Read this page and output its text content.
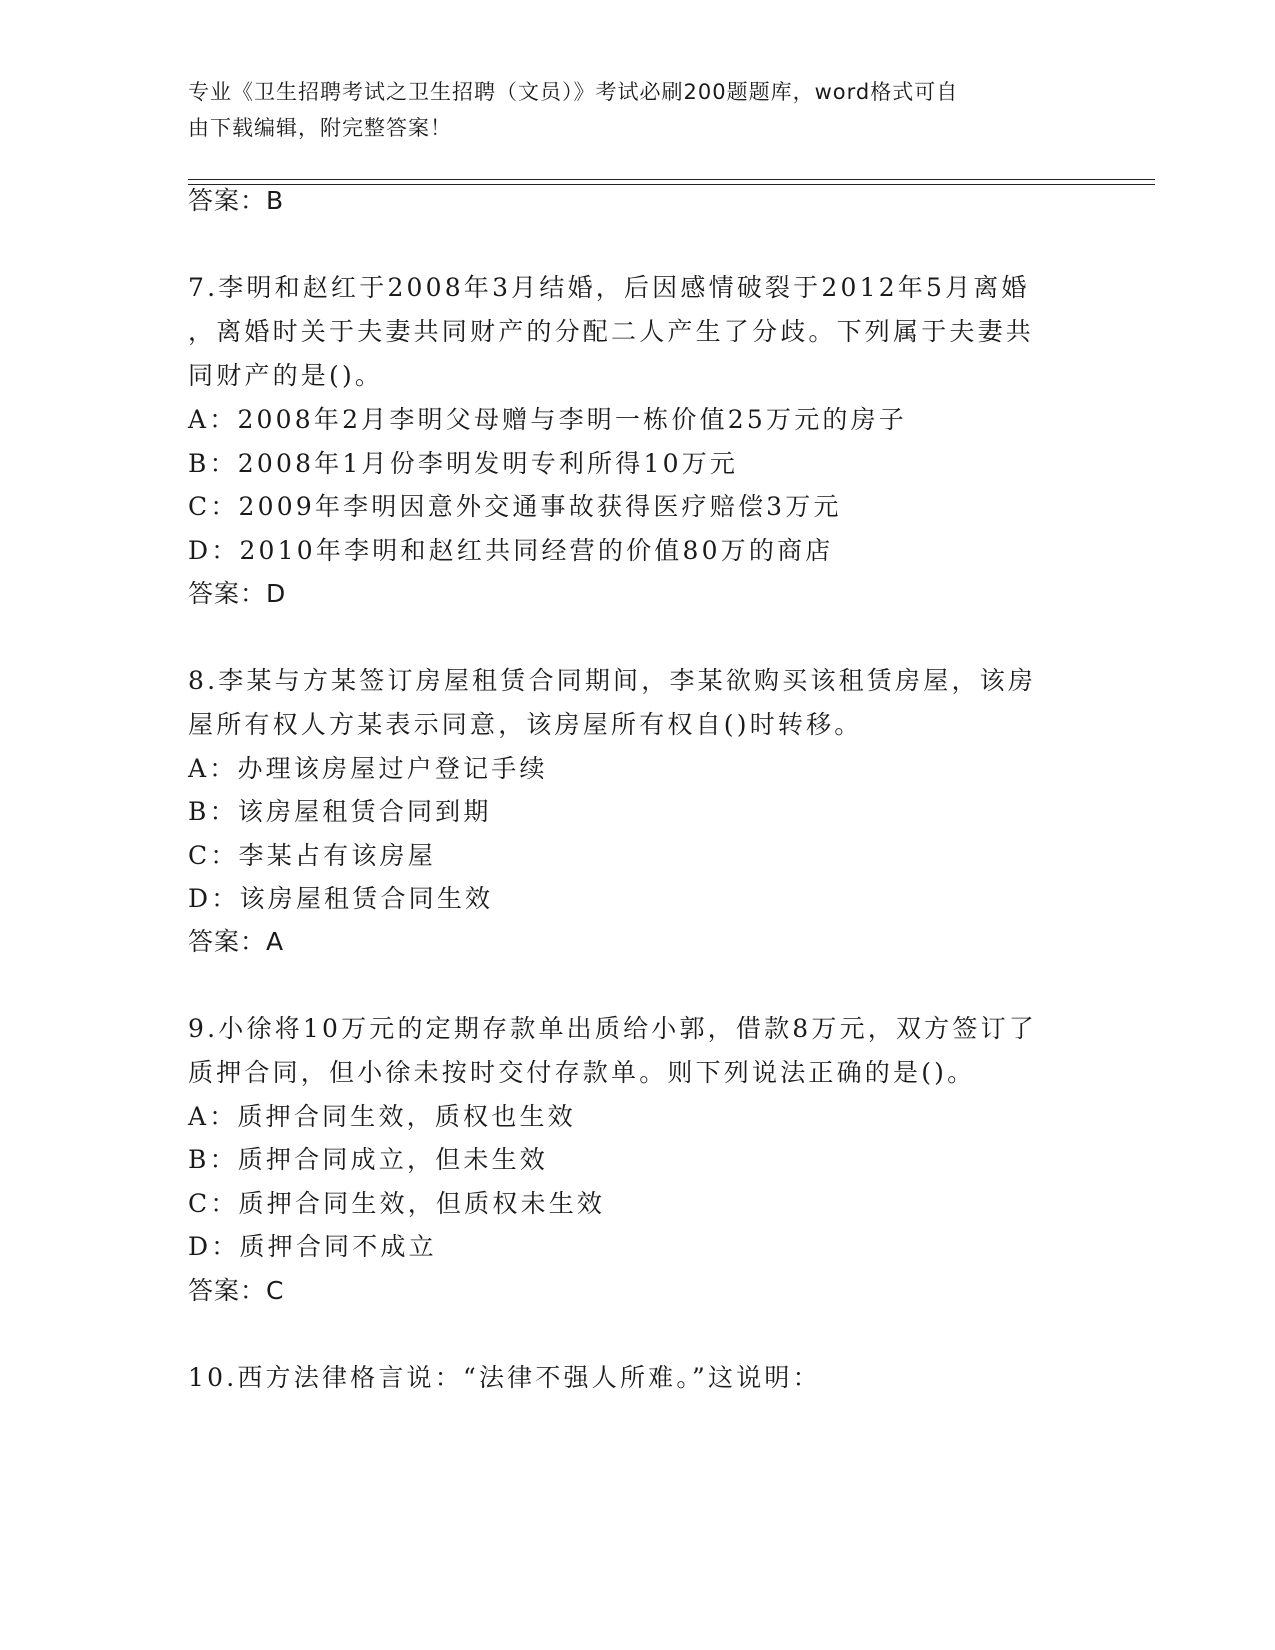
专业《卫生招聘考试之卫生招聘（文员）》考试必刷200题题库，word格式可自
由下载编辑，附完整答案！
答案：B
7.李明和赵红于2008年3月结婚，后因感情破裂于2012年5月离婚
，离婚时关于夫妻共同财产的分配二人产生了分歧。下列属于夫妻共
同财产的是()。
A：2008年2月李明父母赠与李明一栋价值25万元的房子
B：2008年1月份李明发明专利所得10万元
C：2009年李明因意外交通事故获得医疗赔偿3万元
D：2010年李明和赵红共同经营的价值80万的商店
答案：D
8.李某与方某签订房屋租赁合同期间，李某欲购买该租赁房屋，该房
屋所有权人方某表示同意，该房屋所有权自()时转移。
A：办理该房屋过户登记手续
B：该房屋租赁合同到期
C：李某占有该房屋
D：该房屋租赁合同生效
答案：A
9.小徐将10万元的定期存款单出质给小郭，借款8万元，双方签订了
质押合同，但小徐未按时交付存款单。则下列说法正确的是()。
A：质押合同生效，质权也生效
B：质押合同成立，但未生效
C：质押合同生效，但质权未生效
D：质押合同不成立
答案：C
10.西方法律格言说：“法律不强人所难。”这说明：
